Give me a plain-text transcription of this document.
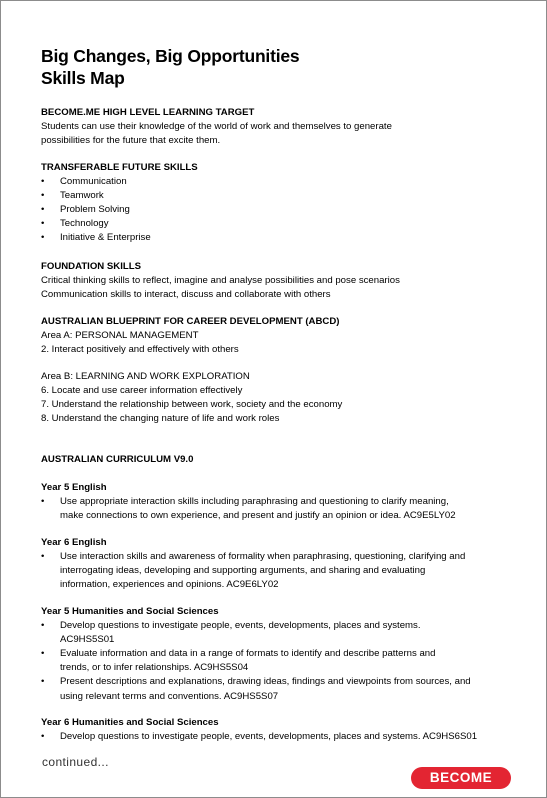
Big Changes, Big Opportunities
Skills Map
BECOME.ME HIGH LEVEL LEARNING TARGET
Students can use their knowledge of the world of work and themselves to generate
possibilities for the future that excite them.
TRANSFERABLE FUTURE SKILLS
• Communication
• Teamwork
• Problem Solving
• Technology
• Initiative & Enterprise
FOUNDATION SKILLS
Critical thinking skills to reflect, imagine and analyse possibilities and pose scenarios
Communication skills to interact, discuss and collaborate with others
AUSTRALIAN BLUEPRINT FOR CAREER DEVELOPMENT (ABCD)
Area A: PERSONAL MANAGEMENT
2. Interact positively and effectively with others
Area B: LEARNING AND WORK EXPLORATION
6. Locate and use career information effectively
7. Understand the relationship between work, society and the economy
8. Understand the changing nature of life and work roles
AUSTRALIAN CURRICULUM V9.0
Year 5 English
• Use appropriate interaction skills including paraphrasing and questioning to clarify meaning,
make connections to own experience, and present and justify an opinion or idea. AC9E5LY02
Year 6 English
• Use interaction skills and awareness of formality when paraphrasing, questioning, clarifying and
interrogating ideas, developing and supporting arguments, and sharing and evaluating
information, experiences and opinions. AC9E6LY02
Year 5 Humanities and Social Sciences
• Develop questions to investigate people, events, developments, places and systems.
AC9HS5S01
• Evaluate information and data in a range of formats to identify and describe patterns and
trends, or to infer relationships. AC9HS5S04
• Present descriptions and explanations, drawing ideas, findings and viewpoints from sources, and
using relevant terms and conventions. AC9HS5S07
Year 6 Humanities and Social Sciences
• Develop questions to investigate people, events, developments, places and systems. AC9HS6S01
continued...
BECOME
